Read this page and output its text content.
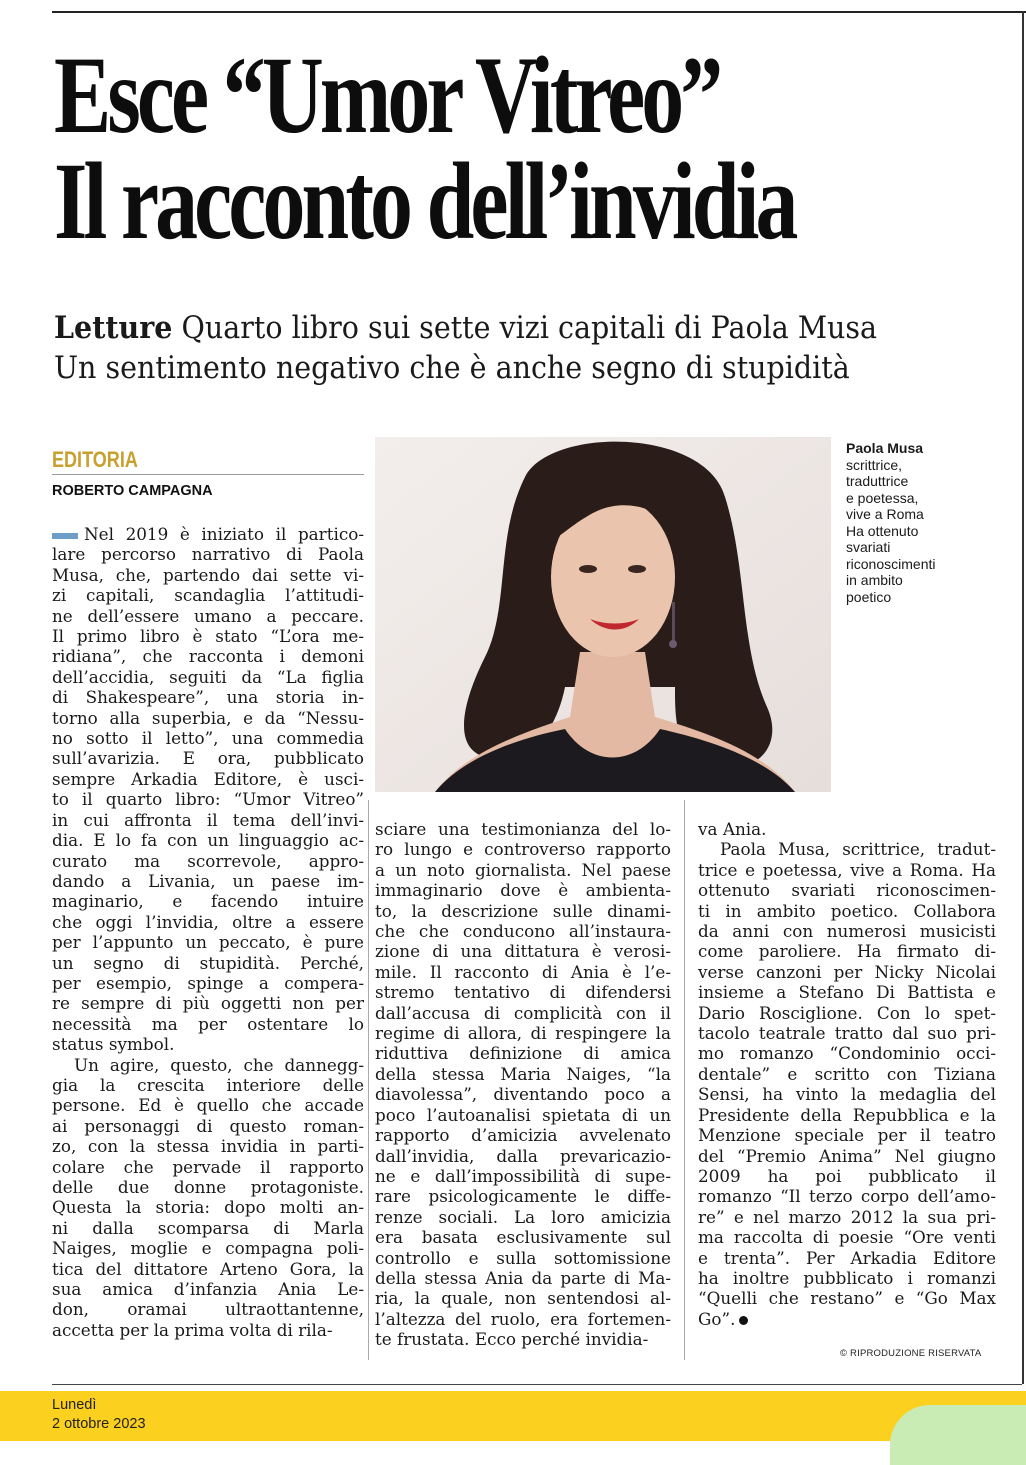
Esce “Umor Vitreo”
Il racconto dell’invidia
Letture Quarto libro sui sette vizi capitali di Paola Musa
Un sentimento negativo che è anche segno di stupidità
EDITORIA
ROBERTO CAMPAGNA
Paola Musa
scrittrice,
traduttrice
e poetessa,
vive a Roma
Ha ottenuto
svariati
riconoscimenti
in ambito
poetico
Nel 2019 è iniziato il partico-
lare percorso narrativo di Paola
Musa, che, partendo dai sette vi-
zi capitali, scandaglia l’attitudi-
ne dell’essere umano a peccare.
Il primo libro è stato “L’ora me-
ridiana”, che racconta i demoni
dell’accidia, seguiti da “La figlia
di Shakespeare”, una storia in-
torno alla superbia, e da “Nessu-
no sotto il letto”, una commedia
sull’avarizia. E ora, pubblicato
sempre Arkadia Editore, è usci-
to il quarto libro: “Umor Vitreo”
in cui affronta il tema dell’invi-
dia. E lo fa con un linguaggio ac-
curato ma scorrevole, appro-
dando a Livania, un paese im-
maginario, e facendo intuire
che oggi l’invidia, oltre a essere
per l’appunto un peccato, è pure
un segno di stupidità. Perché,
per esempio, spinge a compera-
re sempre di più oggetti non per
necessità ma per ostentare lo
status symbol.
Un agire, questo, che dannegg-
gia la crescita interiore delle
persone. Ed è quello che accade
ai personaggi di questo roman-
zo, con la stessa invidia in parti-
colare che pervade il rapporto
delle due donne protagoniste.
Questa la storia: dopo molti an-
ni dalla scomparsa di Marla
Naiges, moglie e compagna poli-
tica del dittatore Arteno Gora, la
sua amica d’infanzia Ania Le-
don, oramai ultraottantenne,
accetta per la prima volta di rila-
sciare una testimonianza del lo-
ro lungo e controverso rapporto
a un noto giornalista. Nel paese
immaginario dove è ambienta-
to, la descrizione sulle dinami-
che che conducono all’instaura-
zione di una dittatura è verosi-
mile. Il racconto di Ania è l’e-
stremo tentativo di difendersi
dall’accusa di complicità con il
regime di allora, di respingere la
riduttiva definizione di amica
della stessa Maria Naiges, “la
diavolessa”, diventando poco a
poco l’autoanalisi spietata di un
rapporto d’amicizia avvelenato
dall’invidia, dalla prevaricazio-
ne e dall’impossibilità di supe-
rare psicologicamente le diffe-
renze sociali. La loro amicizia
era basata esclusivamente sul
controllo e sulla sottomissione
della stessa Ania da parte di Ma-
ria, la quale, non sentendosi al-
l’altezza del ruolo, era fortemen-
te frustata. Ecco perché invidia-
va Ania.
Paola Musa, scrittrice, tradut-
trice e poetessa, vive a Roma. Ha
ottenuto svariati riconoscimen-
ti in ambito poetico. Collabora
da anni con numerosi musicisti
come paroliere. Ha firmato di-
verse canzoni per Nicky Nicolai
insieme a Stefano Di Battista e
Dario Rosciglione. Con lo spet-
tacolo teatrale tratto dal suo pri-
mo romanzo “Condominio occi-
dentale” e scritto con Tiziana
Sensi, ha vinto la medaglia del
Presidente della Repubblica e la
Menzione speciale per il teatro
del “Premio Anima” Nel giugno
2009 ha poi pubblicato il
romanzo “Il terzo corpo dell’amo-
re” e nel marzo 2012 la sua pri-
ma raccolta di poesie “Ore venti
e trenta”. Per Arkadia Editore
ha inoltre pubblicato i romanzi
“Quelli che restano” e “Go Max
Go”.
© RIPRODUZIONE RISERVATA
Lunedì
2 ottobre 2023
